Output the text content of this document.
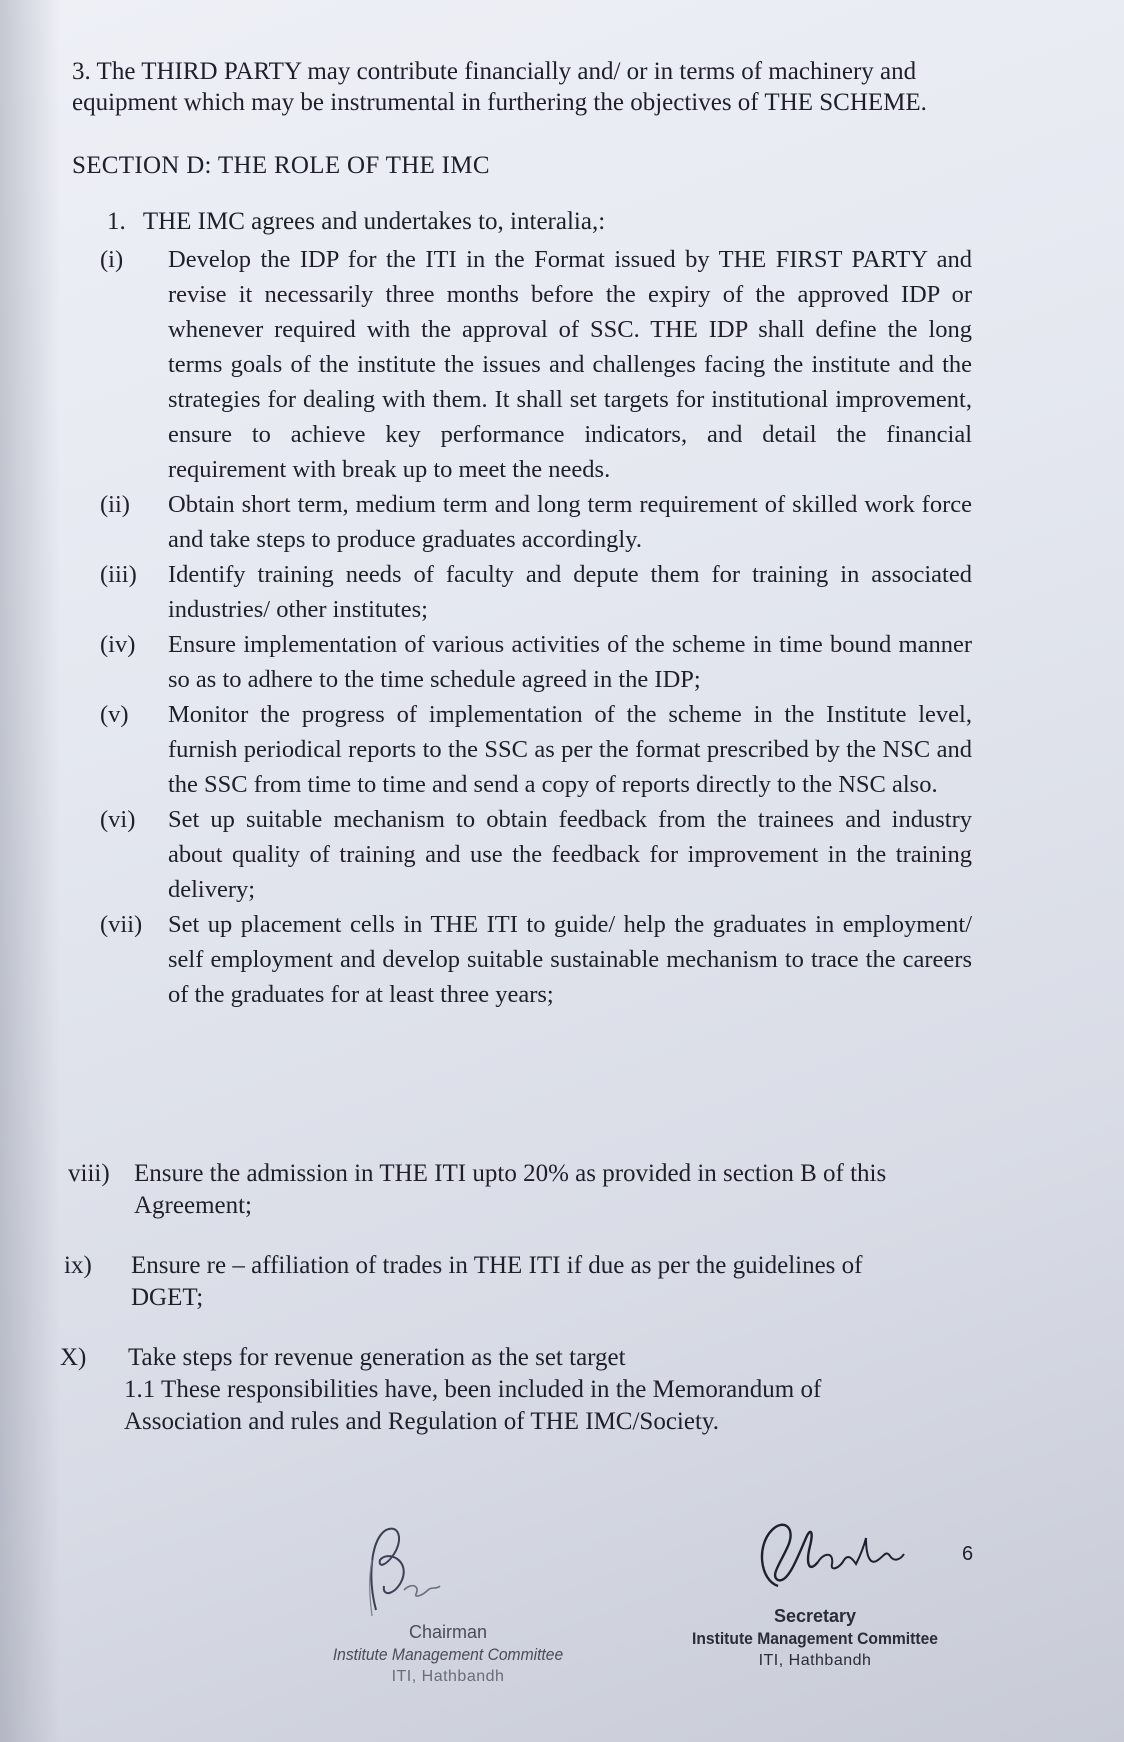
3. The THIRD PARTY may contribute financially and/ or in terms of machinery and equipment which may be instrumental in furthering the objectives of THE SCHEME.
SECTION D: THE ROLE OF THE IMC
1. THE IMC agrees and undertakes to, interalia,:
(i)	Develop the IDP for the ITI in the Format issued by THE FIRST PARTY and revise it necessarily three months before the expiry of the approved IDP or whenever required with the approval of SSC. THE IDP shall define the long terms goals of the institute the issues and challenges facing the institute and the strategies for dealing with them. It shall set targets for institutional improvement, ensure to achieve key performance indicators, and detail the financial requirement with break up to meet the needs.
(ii)	Obtain short term, medium term and long term requirement of skilled work force and take steps to produce graduates accordingly.
(iii)	Identify training needs of faculty and depute them for training in associated industries/ other institutes;
(iv)	Ensure implementation of various activities of the scheme in time bound manner so as to adhere to the time schedule agreed in the IDP;
(v)	Monitor the progress of implementation of the scheme in the Institute level, furnish periodical reports to the SSC as per the format prescribed by the NSC and the SSC from time to time and send a copy of reports directly to the NSC also.
(vi)	Set up suitable mechanism to obtain feedback from the trainees and industry about quality of training and use the feedback for improvement in the training delivery;
(vii)	Set up placement cells in THE ITI to guide/ help the graduates in employment/ self employment and develop suitable sustainable mechanism to trace the careers of the graduates for at least three years;
viii) Ensure the admission in THE ITI upto 20% as provided in section B of this Agreement;
ix) Ensure re – affiliation of trades in THE ITI if due as per the guidelines of DGET;
X) Take steps for revenue generation as the set target
1.1 These responsibilities have, been included in the Memorandum of Association and rules and Regulation of THE IMC/Society.
6
Chairman
Institute Management Committee
ITI, Hathbandh
Secretary
Institute Management Committee
ITI, Hathbandh
